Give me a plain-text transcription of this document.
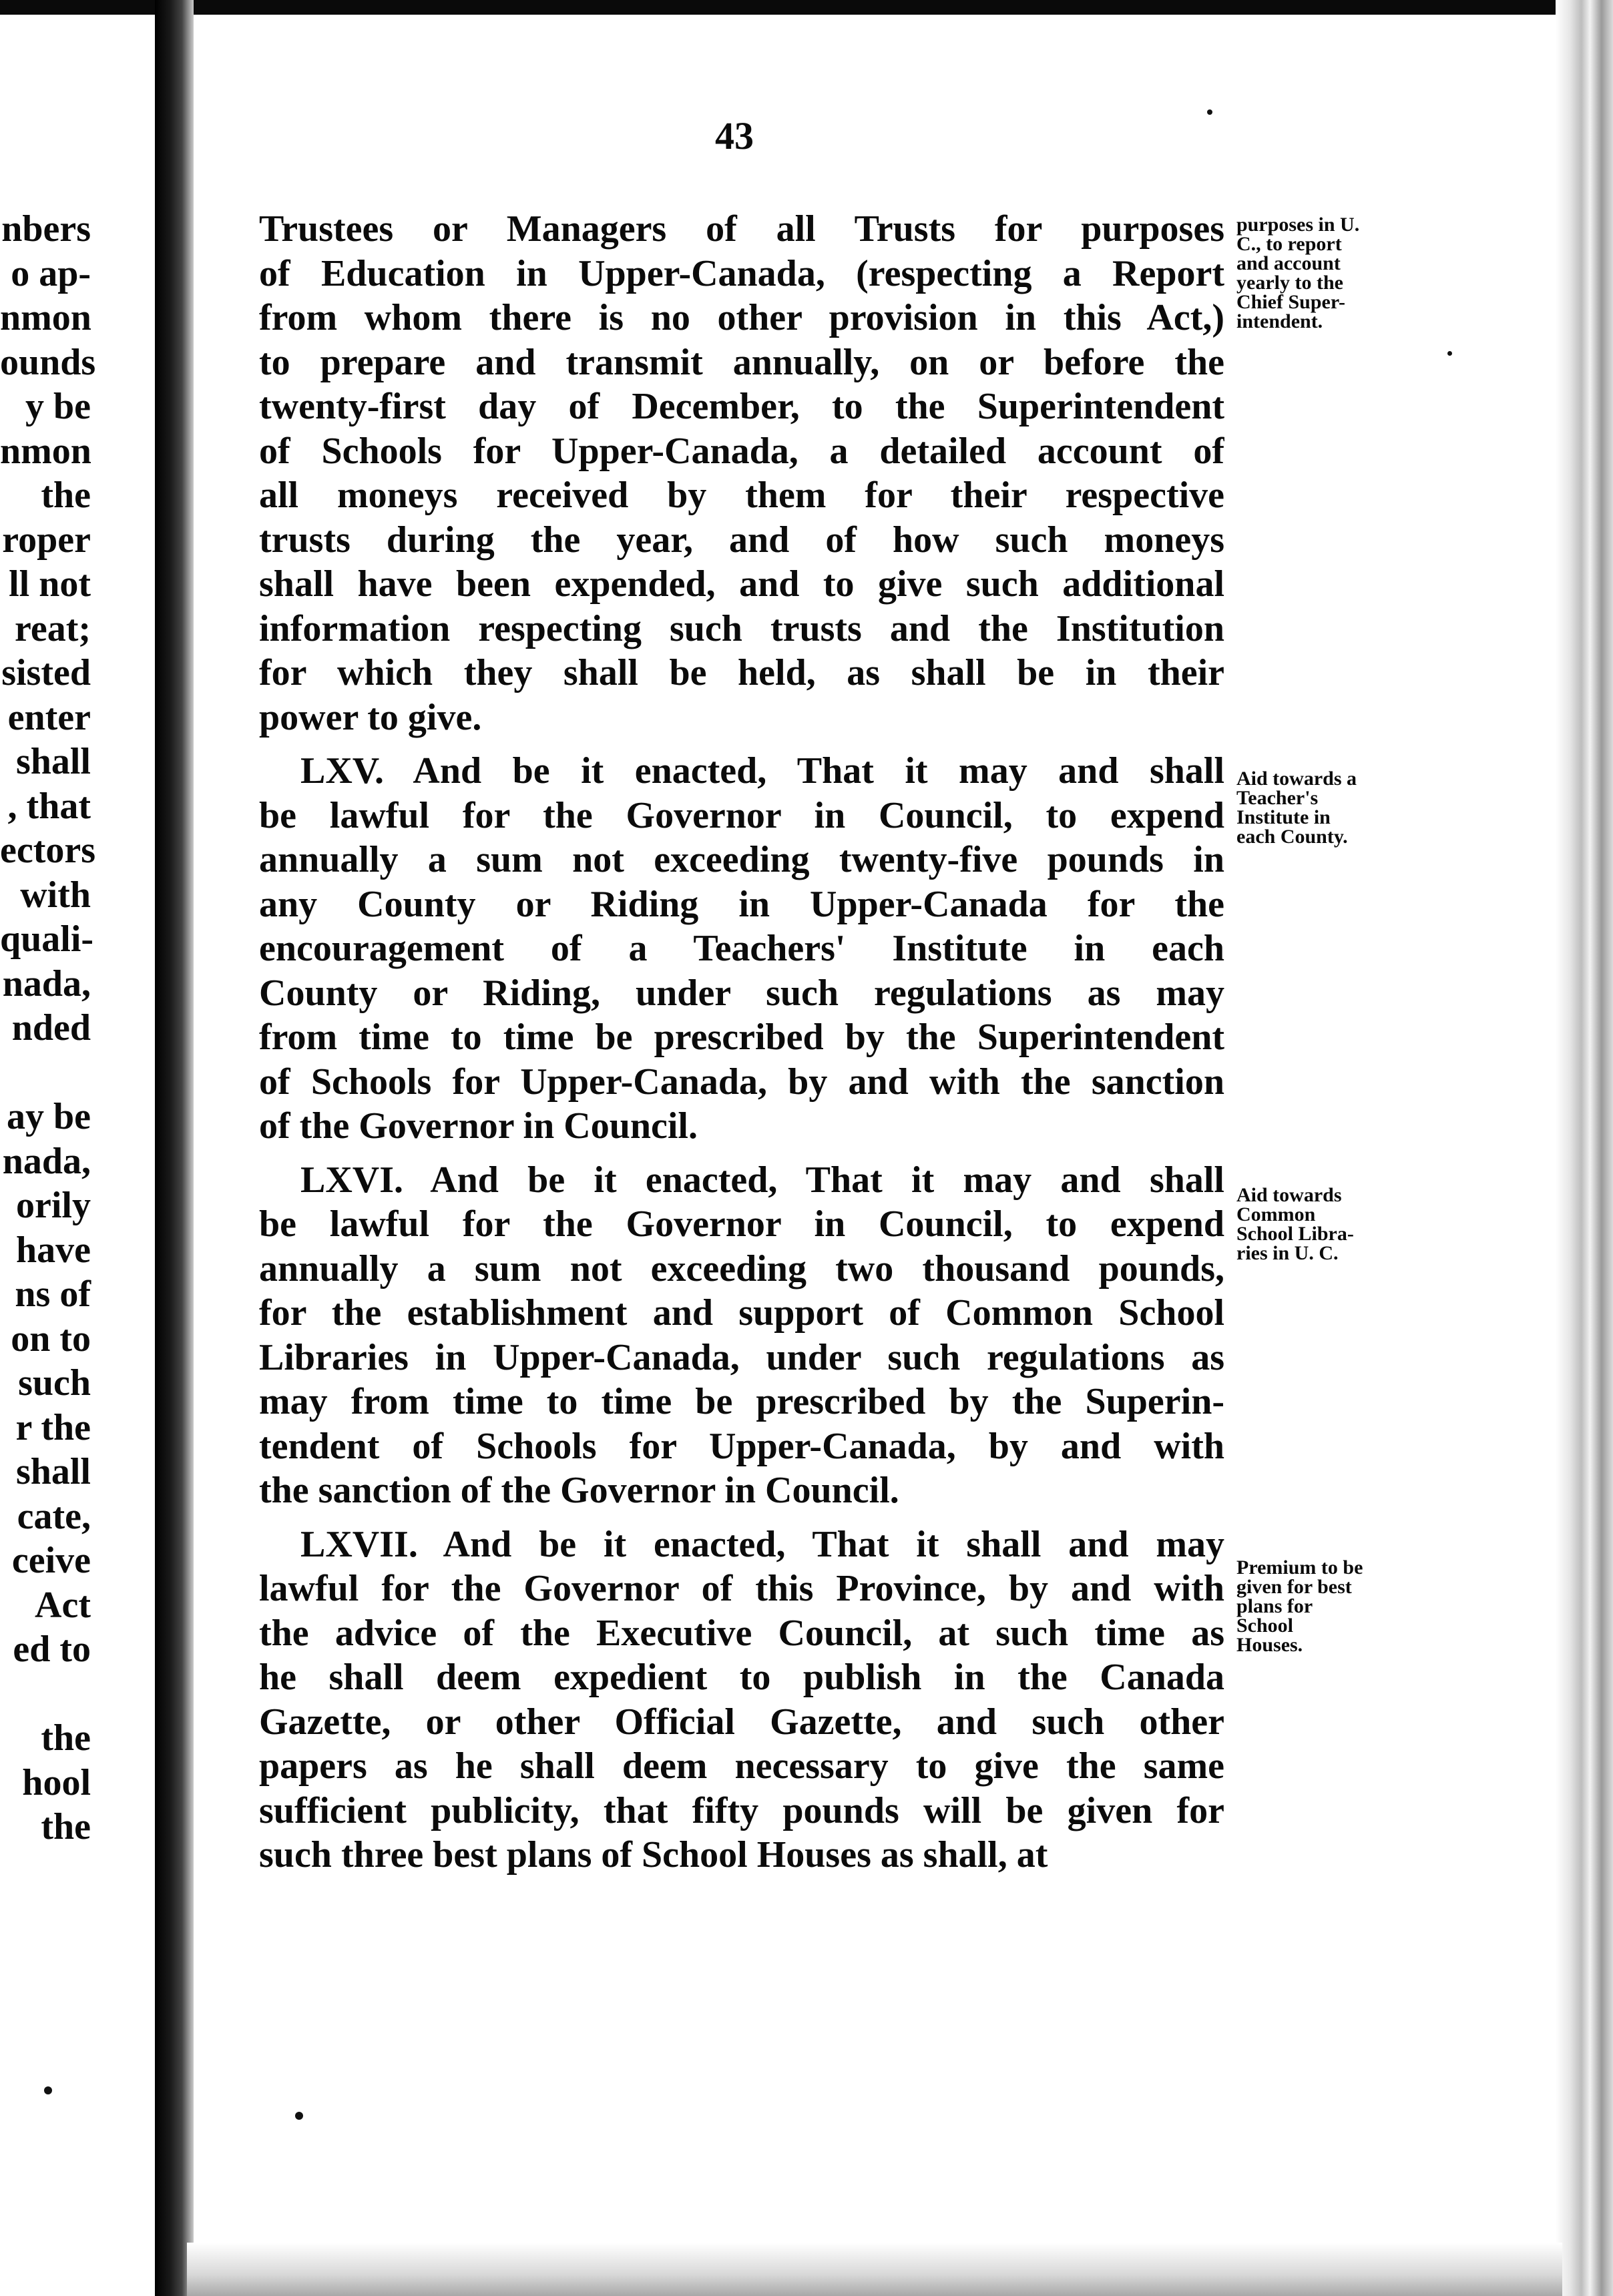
nbers
o ap-
nmon
ounds
y be
nmon
the
roper
ll not
reat;
sisted
enter
shall
, that
ectors
with
quali-
nada,
nded
ay be
nada,
orily
have
ns of
on to
such
r the
shall
cate,
ceive
Act
ed to
the
hool
the
43
Trustees or Managers of all Trusts for purposes
of Education in Upper-Canada, (respecting a Report
from whom there is no other provision in this Act,)
to prepare and transmit annually, on or before the
twenty-first day of December, to the Superintendent
of Schools for Upper-Canada, a detailed account of
all moneys received by them for their respective
trusts during the year, and of how such moneys
shall have been expended, and to give such additional
information respecting such trusts and the Institution
for which they shall be held, as shall be in their
power to give.
LXV. And be it enacted, That it may and shall
be lawful for the Governor in Council, to expend
annually a sum not exceeding twenty-five pounds in
any County or Riding in Upper-Canada for the
encouragement of a Teachers' Institute in each
County or Riding, under such regulations as may
from time to time be prescribed by the Superintendent
of Schools for Upper-Canada, by and with the sanction
of the Governor in Council.
LXVI. And be it enacted, That it may and shall
be lawful for the Governor in Council, to expend
annually a sum not exceeding two thousand pounds,
for the establishment and support of Common School
Libraries in Upper-Canada, under such regulations as
may from time to time be prescribed by the Superin-
tendent of Schools for Upper-Canada, by and with
the sanction of the Governor in Council.
LXVII. And be it enacted, That it shall and may
lawful for the Governor of this Province, by and with
the advice of the Executive Council, at such time as
he shall deem expedient to publish in the Canada
Gazette, or other Official Gazette, and such other
papers as he shall deem necessary to give the same
sufficient publicity, that fifty pounds will be given for
such three best plans of School Houses as shall, at
purposes in U.
C., to report
and account
yearly to the
Chief Super-
intendent.
Aid towards a
Teacher's
Institute in
each County.
Aid towards
Common
School Libra-
ries in U. C.
Premium to be
given for best
plans for
School
Houses.
